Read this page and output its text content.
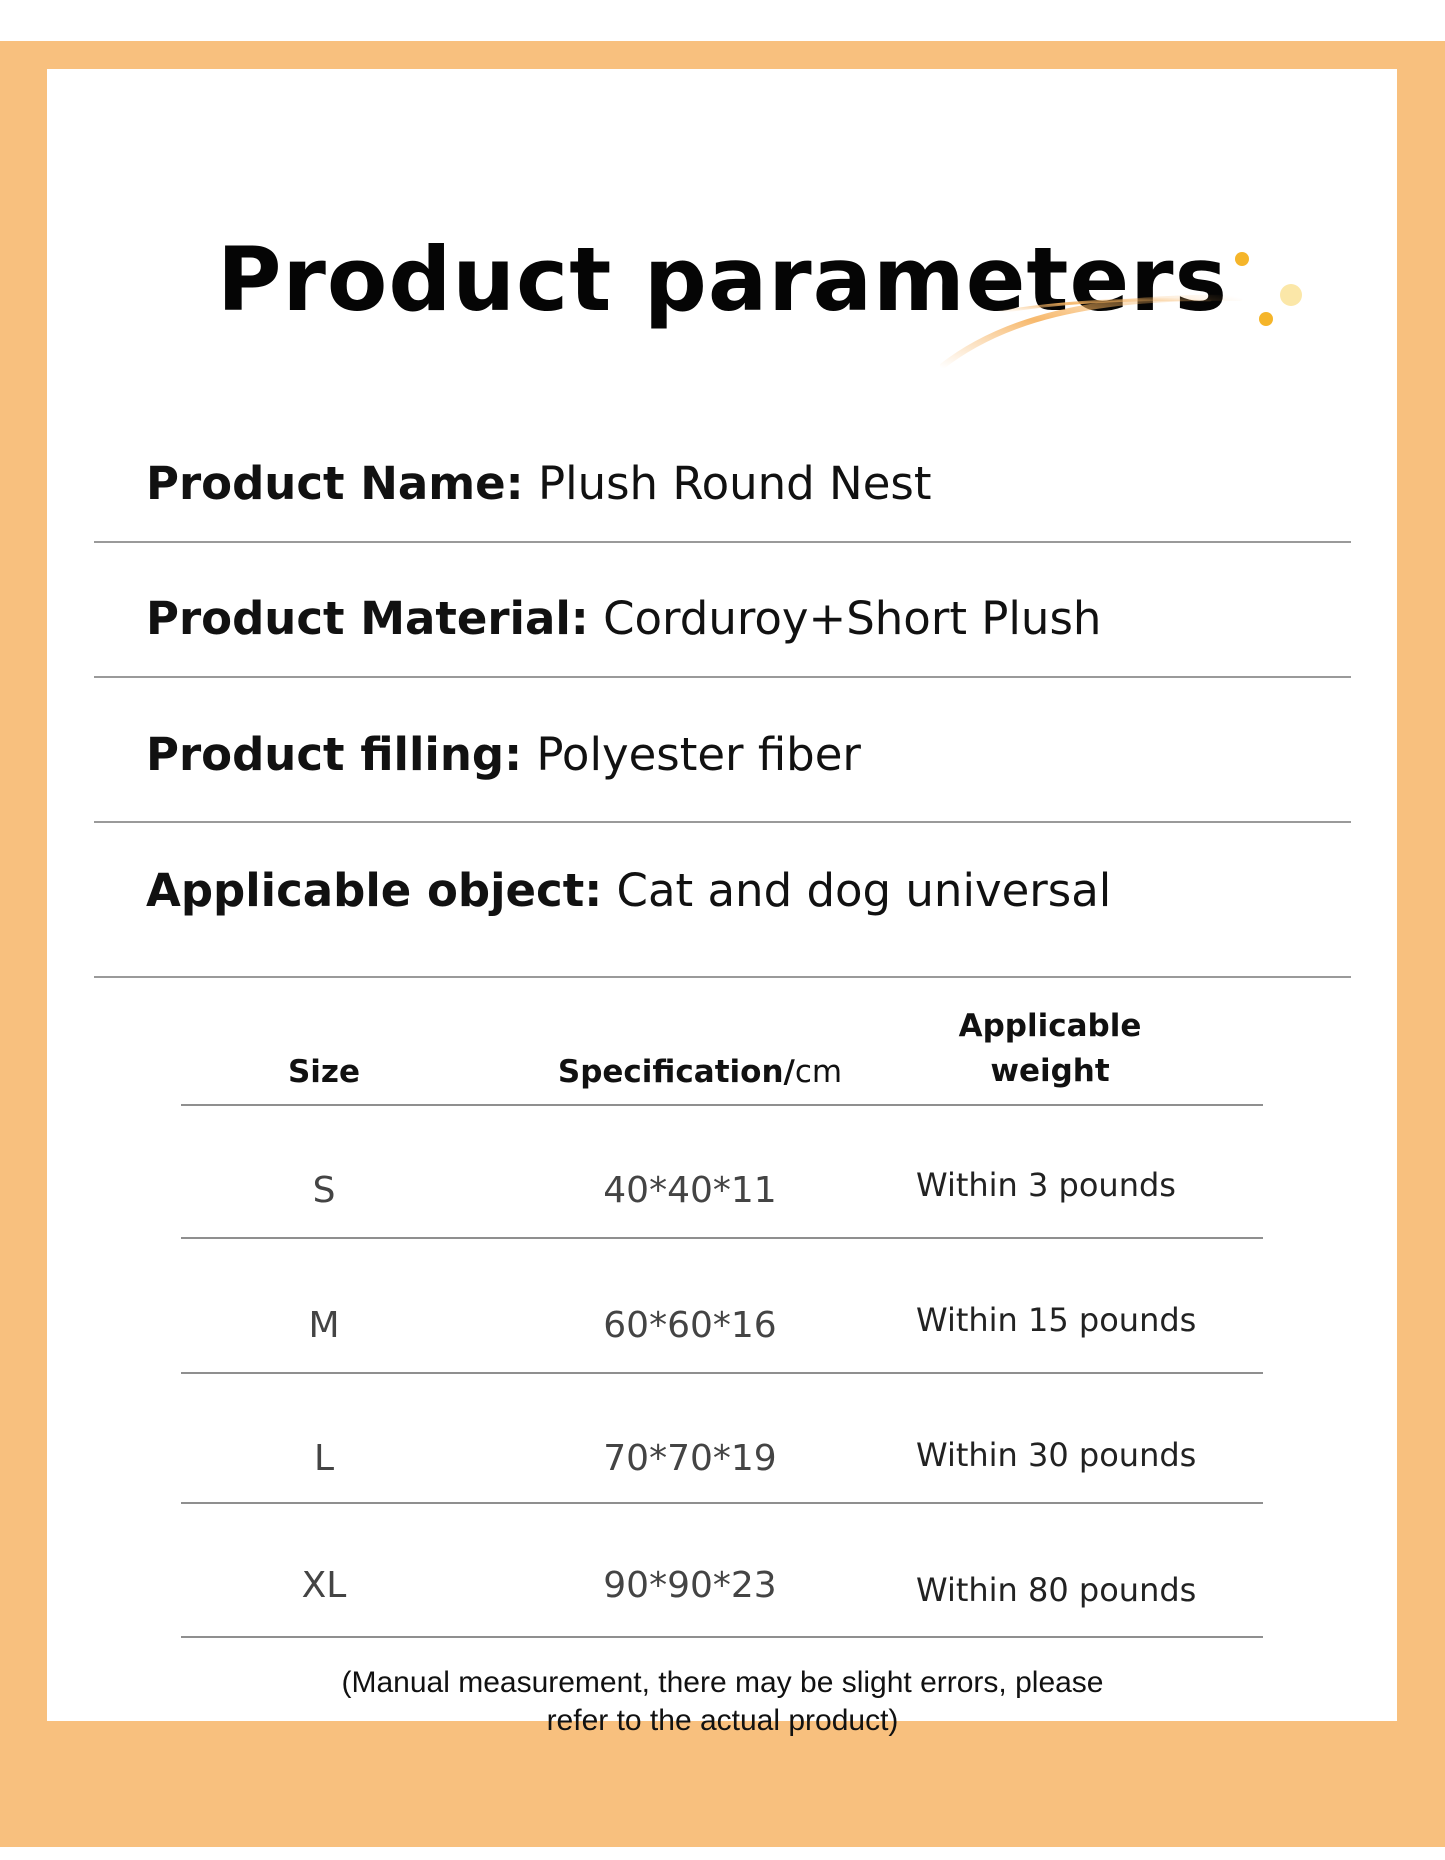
Product parameters
Product Name: Plush Round Nest
Product Material: Corduroy+Short Plush
Product filling: Polyester fiber
Applicable object: Cat and dog universal
Size	Specification/cm
Applicable
weight
S	40*40*11	Within 3 pounds
M	60*60*16	Within 15 pounds
L	70*70*19	Within 30 pounds
XL	90*90*23	Within 80 pounds
(Manual measurement, there may be slight errors, please
refer to the actual product)
